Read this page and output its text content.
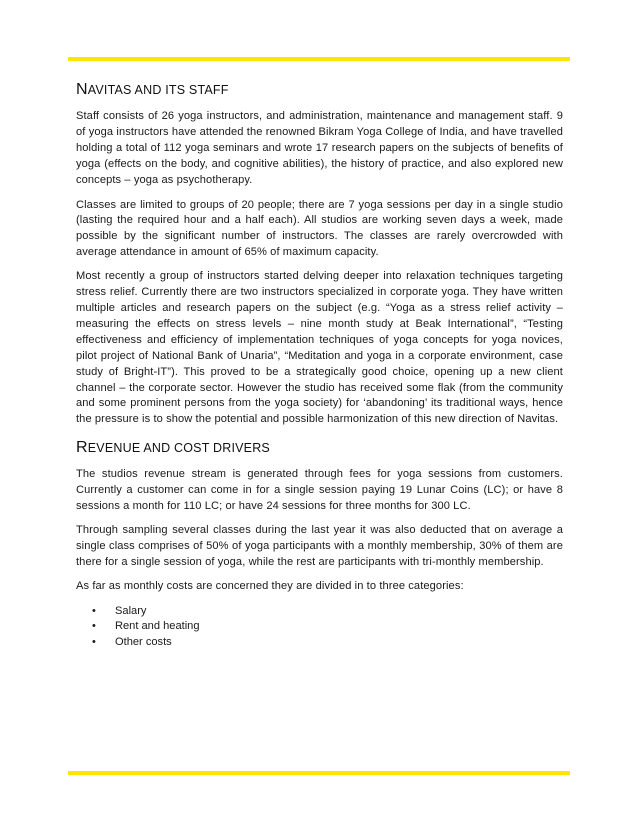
NAVITAS AND ITS STAFF

Staff consists of 26 yoga instructors, and administration, maintenance and management staff. 9 of yoga instructors have attended the renowned Bikram Yoga College of India, and have travelled holding a total of 112 yoga seminars and wrote 17 research papers on the subjects of benefits of yoga (effects on the body, and cognitive abilities), the history of practice, and also explored new concepts – yoga as psychotherapy.

Classes are limited to groups of 20 people; there are 7 yoga sessions per day in a single studio (lasting the required hour and a half each). All studios are working seven days a week, made possible by the significant number of instructors. The classes are rarely overcrowded with average attendance in amount of 65% of maximum capacity.

Most recently a group of instructors started delving deeper into relaxation techniques targeting stress relief. Currently there are two instructors specialized in corporate yoga. They have written multiple articles and research papers on the subject (e.g. “Yoga as a stress relief activity – measuring the effects on stress levels – nine month study at Beak International”, “Testing effectiveness and efficiency of implementation techniques of yoga concepts for yoga novices, pilot project of National Bank of Unaria”, “Meditation and yoga in a corporate environment, case study of Bright-IT”). This proved to be a strategically good choice, opening up a new client channel – the corporate sector. However the studio has received some flak (from the community and some prominent persons from the yoga society) for ‘abandoning’ its traditional ways, hence the pressure is to show the potential and possible harmonization of this new direction of Navitas.

REVENUE AND COST DRIVERS

The studios revenue stream is generated through fees for yoga sessions from customers. Currently a customer can come in for a single session paying 19 Lunar Coins (LC); or have 8 sessions a month for 110 LC; or have 24 sessions for three months for 300 LC.

Through sampling several classes during the last year it was also deducted that on average a single class comprises of 50% of yoga participants with a monthly membership, 30% of them are there for a single session of yoga, while the rest are participants with tri-monthly membership.

As far as monthly costs are concerned they are divided in to three categories:

• Salary
• Rent and heating
• Other costs
